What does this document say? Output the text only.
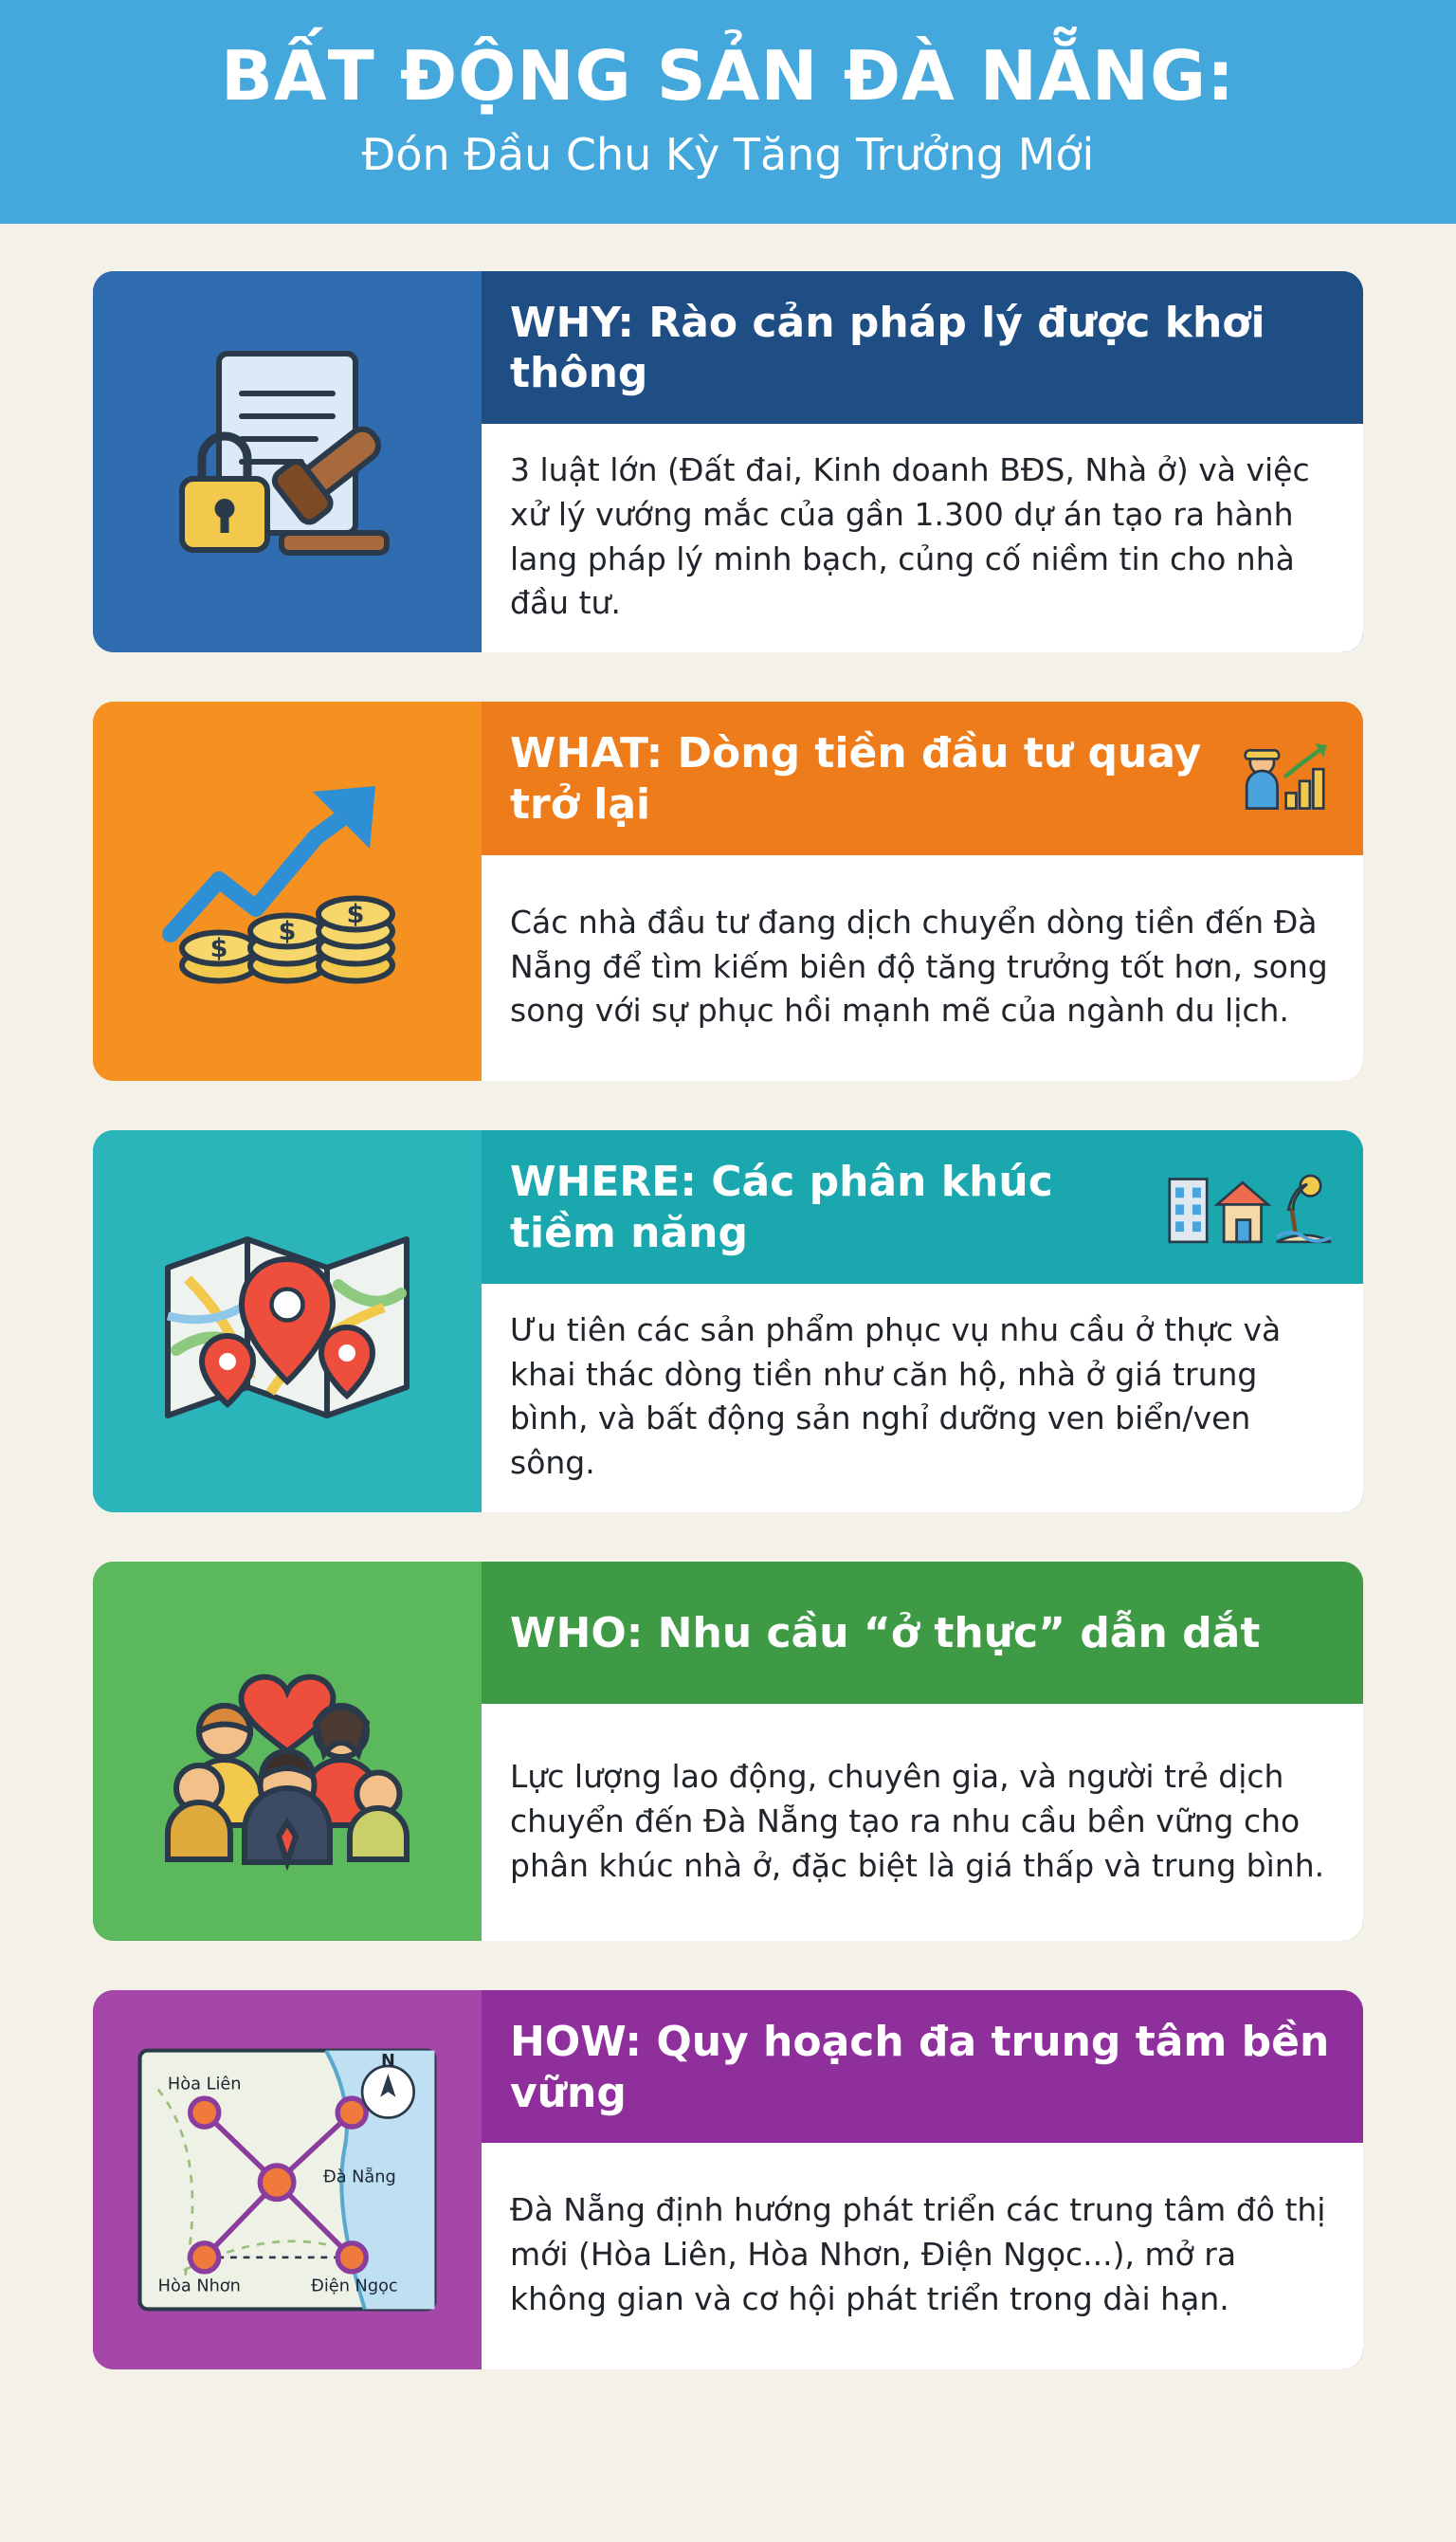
BẤT ĐỘNG SẢN ĐÀ NẴNG:
Đón Đầu Chu Kỳ Tăng Trưởng Mới
WHY: Rào cản pháp lý được khơi thông
3 luật lớn (Đất đai, Kinh doanh BĐS, Nhà ở) và việc xử lý vướng mắc của gần 1.300 dự án tạo ra hành lang pháp lý minh bạch, củng cố niềm tin cho nhà đầu tư.
$
$
$
WHAT: Dòng tiền đầu tư quay trở lại
Các nhà đầu tư đang dịch chuyển dòng tiền đến Đà Nẵng để tìm kiếm biên độ tăng trưởng tốt hơn, song song với sự phục hồi mạnh mẽ của ngành du lịch.
WHERE: Các phân khúc tiềm năng
Ưu tiên các sản phẩm phục vụ nhu cầu ở thực và khai thác dòng tiền như căn hộ, nhà ở giá trung bình, và bất động sản nghỉ dưỡng ven biển/ven sông.
WHO: Nhu cầu “ở thực” dẫn dắt
Lực lượng lao động, chuyên gia, và người trẻ dịch chuyển đến Đà Nẵng tạo ra nhu cầu bền vững cho phân khúc nhà ở, đặc biệt là giá thấp và trung bình.
Hòa Liên
Đà Nẵng
Hòa Nhơn	Điện Ngọc
N	HOW: Quy hoạch đa trung tâm bền vững
Đà Nẵng định hướng phát triển các trung tâm đô thị mới (Hòa Liên, Hòa Nhơn, Điện Ngọc...), mở ra không gian và cơ hội phát triển trong dài hạn.
